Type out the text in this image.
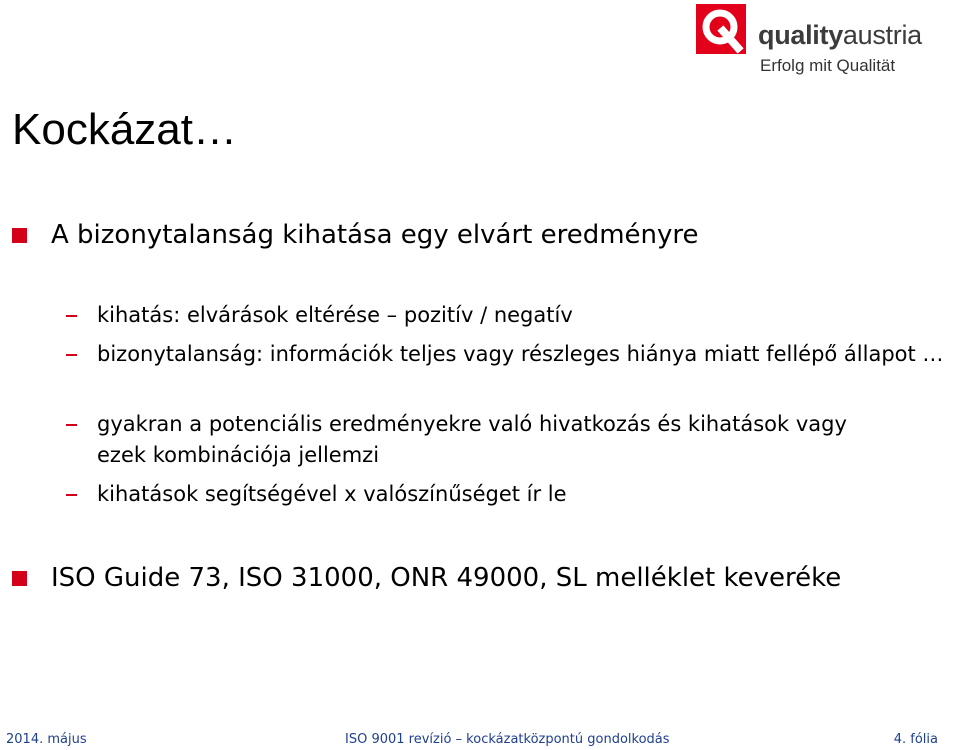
qualityaustria
Erfolg mit Qualität
Kockázat…
A bizonytalanság kihatása egy elvárt eredményre
kihatás: elvárások eltérése – pozitív / negatív
bizonytalanság: információk teljes vagy részleges hiánya miatt fellépő állapot …
gyakran a potenciális eredményekre való hivatkozás és kihatások vagy ezek kombinációja jellemzi
kihatások segítségével x valószínűséget ír le
ISO Guide 73, ISO 31000, ONR 49000, SL melléklet keveréke
2014. május	ISO 9001 revízió – kockázatközpontú gondolkodás	4. fólia
